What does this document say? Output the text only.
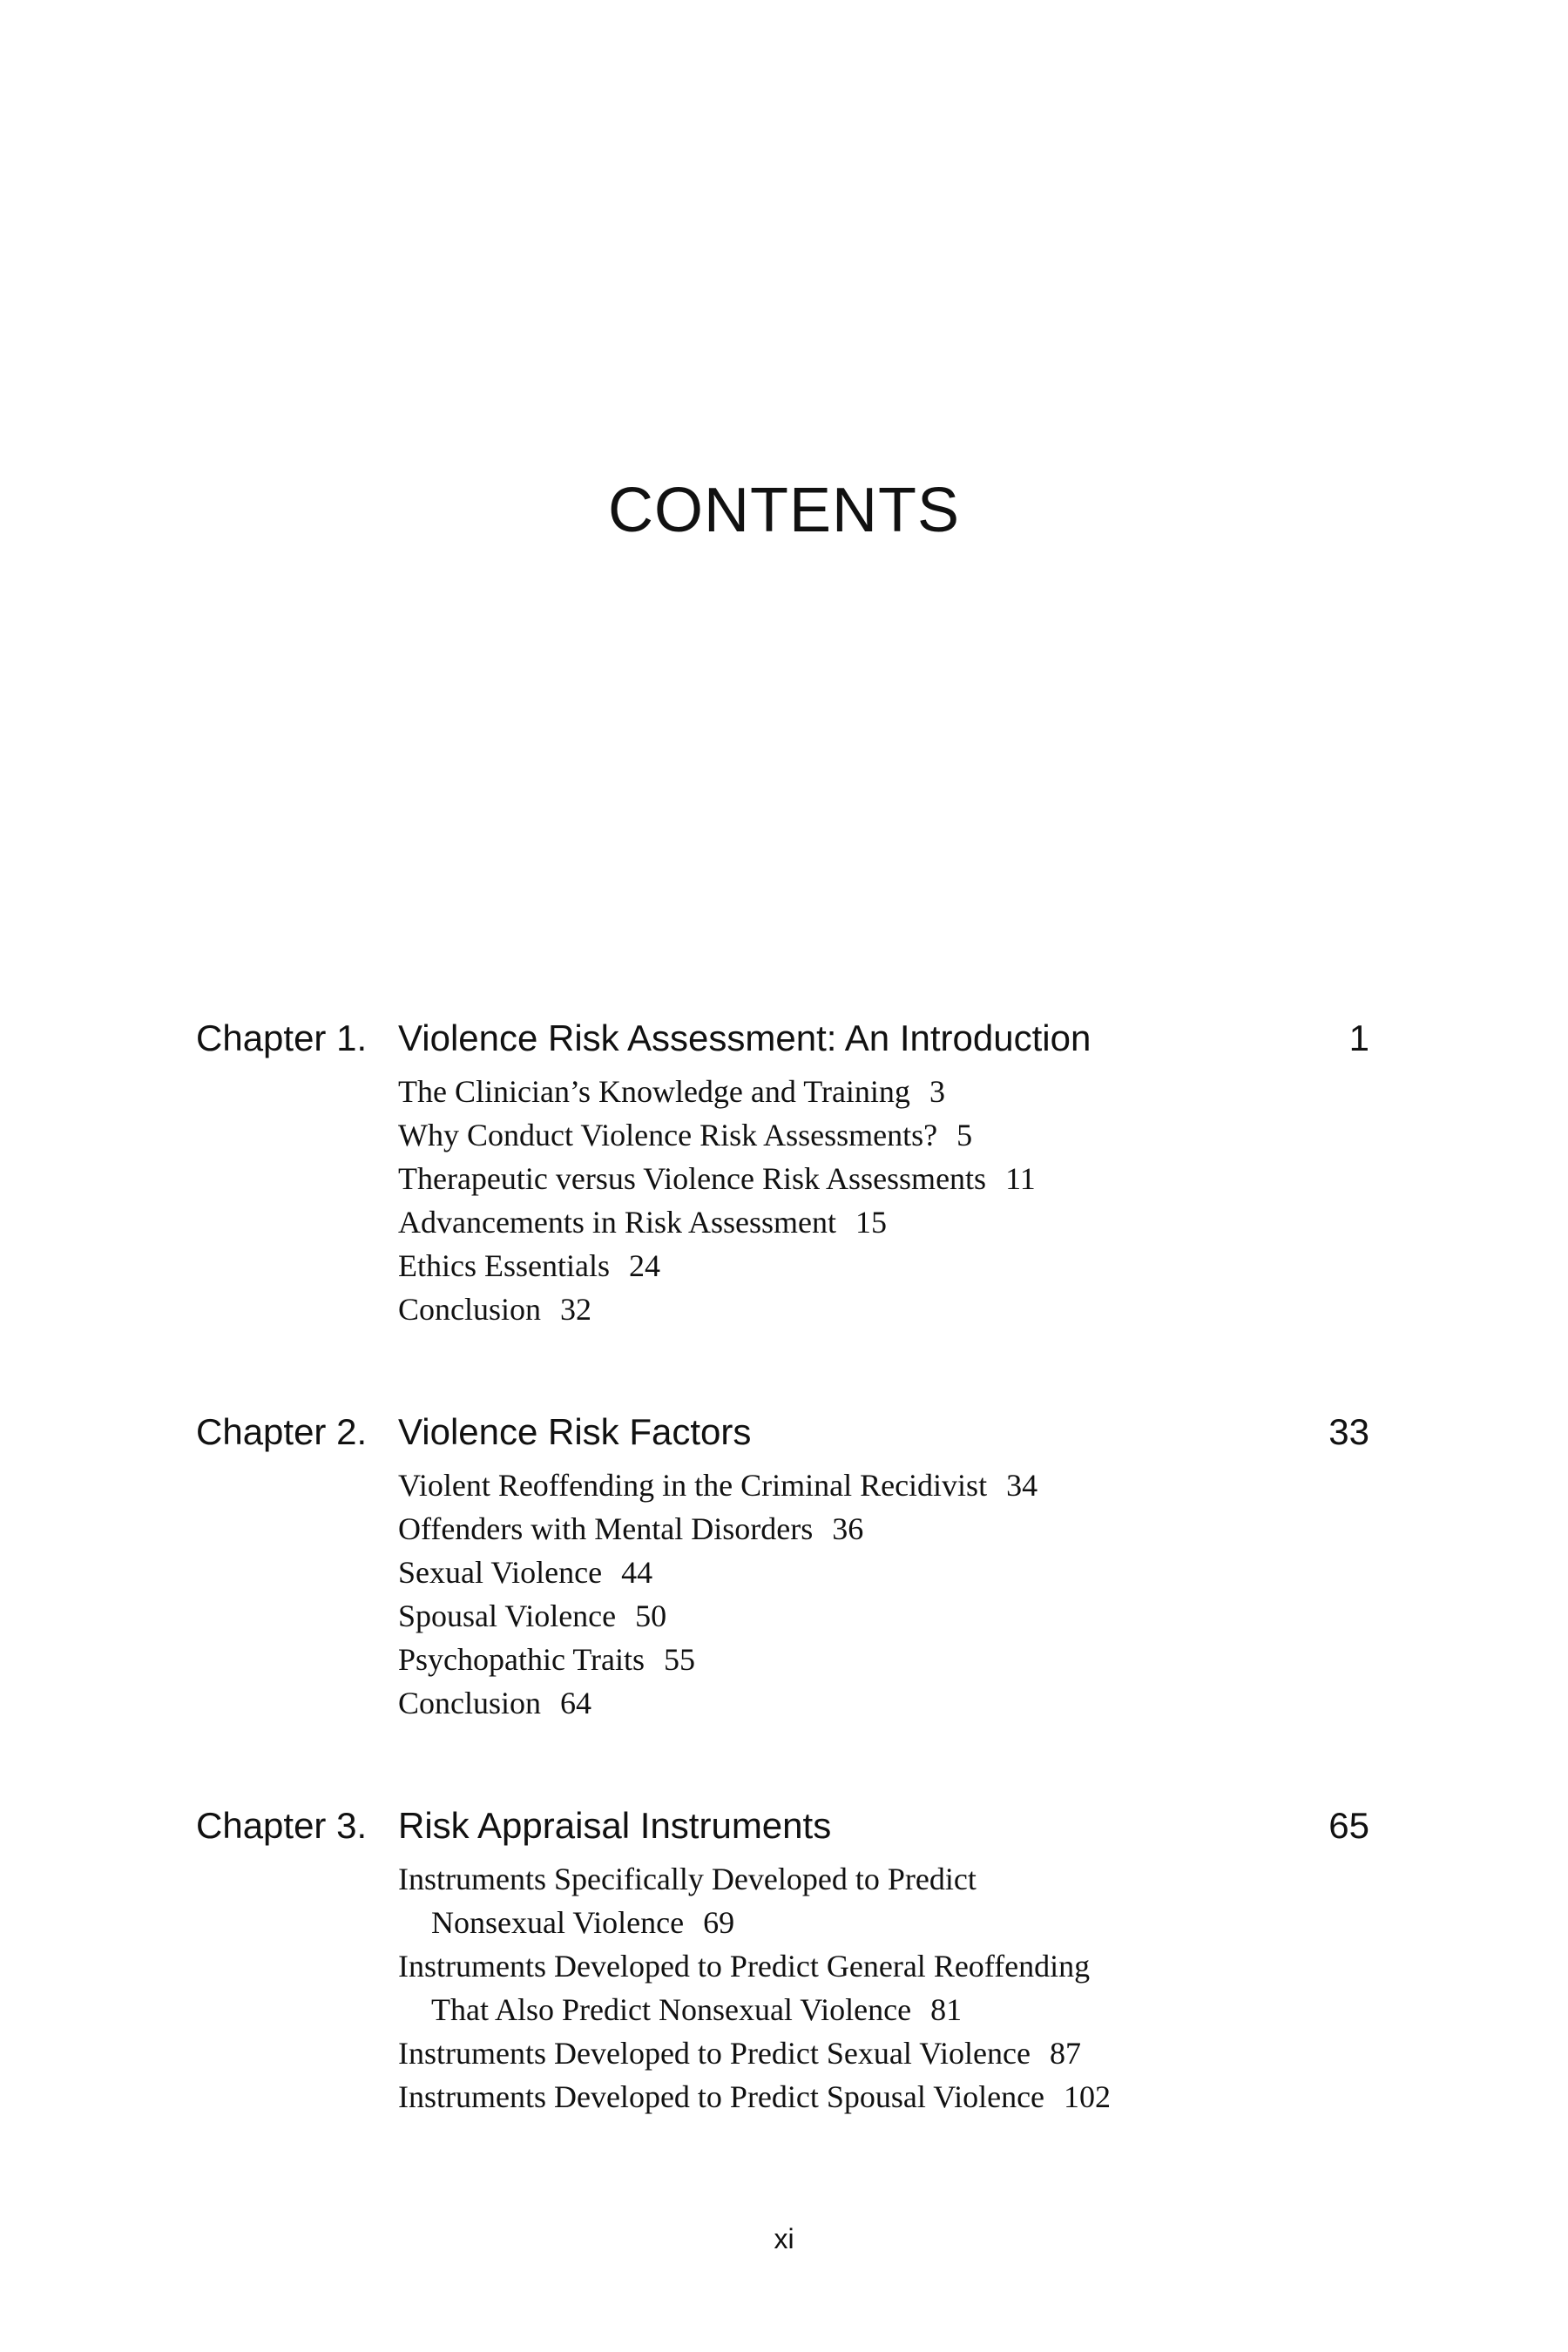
CONTENTS
Chapter 1. Violence Risk Assessment: An Introduction	1
The Clinician’s Knowledge and Training 3
Why Conduct Violence Risk Assessments? 5
Therapeutic versus Violence Risk Assessments 11
Advancements in Risk Assessment 15
Ethics Essentials 24
Conclusion 32
Chapter 2. Violence Risk Factors	33
Violent Reoffending in the Criminal Recidivist 34
Offenders with Mental Disorders 36
Sexual Violence 44
Spousal Violence 50
Psychopathic Traits 55
Conclusion 64
Chapter 3. Risk Appraisal Instruments	65
Instruments Specifically Developed to Predict
Nonsexual Violence 69
Instruments Developed to Predict General Reoffending
That Also Predict Nonsexual Violence 81
Instruments Developed to Predict Sexual Violence 87
Instruments Developed to Predict Spousal Violence 102
xi
